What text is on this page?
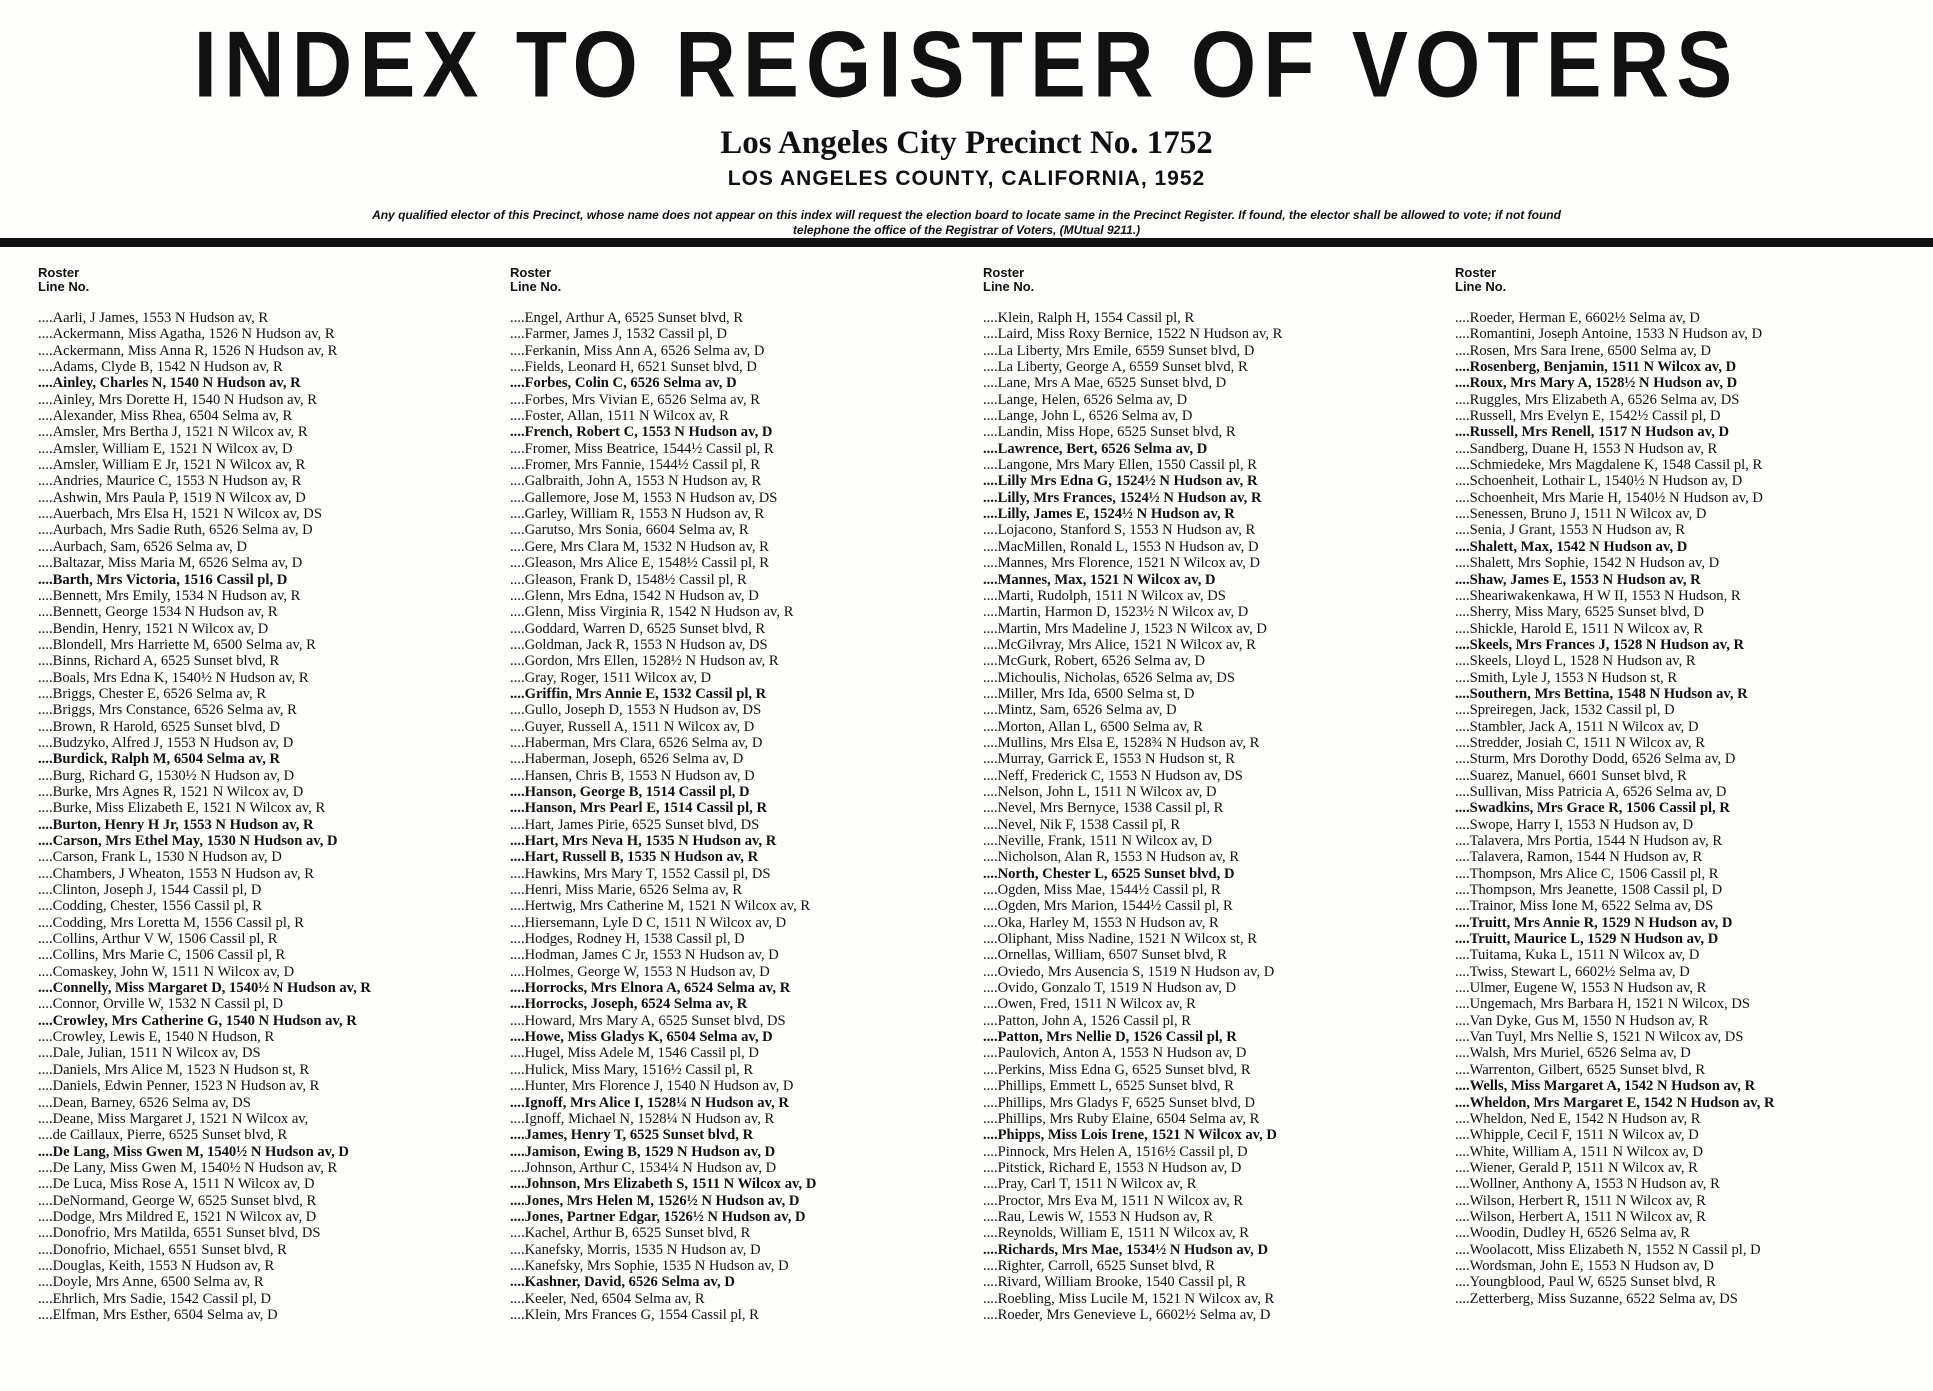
INDEX TO REGISTER OF VOTERS
Los Angeles City Precinct No. 1752
LOS ANGELES COUNTY, CALIFORNIA, 1952
Any qualified elector of this Precinct, whose name does not appear on this index will request the election board to locate same in the Precinct Register. If found, the elector shall be allowed to vote; if not found telephone the office of the Registrar of Voters, (MUtual 9211.)
Roster
Line No.
.... Aarli, J James, 1553 N Hudson av, R
.... Ackermann, Miss Agatha, 1526 N Hudson av, R
.... Ackermann, Miss Anna R, 1526 N Hudson av, R
.... Adams, Clyde B, 1542 N Hudson av, R
.... Ainley, Charles N, 1540 N Hudson av, R
.... Ainley, Mrs Dorette H, 1540 N Hudson av, R
.... Alexander, Miss Rhea, 6504 Selma av, R
.... Amsler, Mrs Bertha J, 1521 N Wilcox av, R
.... Amsler, William E, 1521 N Wilcox av, D
.... Amsler, William E Jr, 1521 N Wilcox av, R
.... Andries, Maurice C, 1553 N Hudson av, R
.... Ashwin, Mrs Paula P, 1519 N Wilcox av, D
.... Auerbach, Mrs Elsa H, 1521 N Wilcox av, DS
.... Aurbach, Mrs Sadie Ruth, 6526 Selma av, D
.... Aurbach, Sam, 6526 Selma av, D
.... Baltazar, Miss Maria M, 6526 Selma av, D
.... Barth, Mrs Victoria, 1516 Cassil pl, D
.... Bennett, Mrs Emily, 1534 N Hudson av, R
.... Bennett, George 1534 N Hudson av, R
.... Bendin, Henry, 1521 N Wilcox av, D
.... Blondell, Mrs Harriette M, 6500 Selma av, R
.... Binns, Richard A, 6525 Sunset blvd, R
.... Boals, Mrs Edna K, 1540½ N Hudson av, R
.... Briggs, Chester E, 6526 Selma av, R
.... Briggs, Mrs Constance, 6526 Selma av, R
.... Brown, R Harold, 6525 Sunset blvd, D
.... Budzyko, Alfred J, 1553 N Hudson av, D
.... Burdick, Ralph M, 6504 Selma av, R
.... Burg, Richard G, 1530½ N Hudson av, D
.... Burke, Mrs Agnes R, 1521 N Wilcox av, D
.... Burke, Miss Elizabeth E, 1521 N Wilcox av, R
.... Burton, Henry H Jr, 1553 N Hudson av, R
.... Carson, Mrs Ethel May, 1530 N Hudson av, D
.... Carson, Frank L, 1530 N Hudson av, D
.... Chambers, J Wheaton, 1553 N Hudson av, R
.... Clinton, Joseph J, 1544 Cassil pl, D
.... Codding, Chester, 1556 Cassil pl, R
.... Codding, Mrs Loretta M, 1556 Cassil pl, R
.... Collins, Arthur V W, 1506 Cassil pl, R
.... Collins, Mrs Marie C, 1506 Cassil pl, R
.... Comaskey, John W, 1511 N Wilcox av, D
.... Connelly, Miss Margaret D, 1540½ N Hudson av, R
.... Connor, Orville W, 1532 N Cassil pl, D
.... Crowley, Mrs Catherine G, 1540 N Hudson av, R
.... Crowley, Lewis E, 1540 N Hudson, R
.... Dale, Julian, 1511 N Wilcox av, DS
.... Daniels, Mrs Alice M, 1523 N Hudson st, R
.... Daniels, Edwin Penner, 1523 N Hudson av, R
.... Dean, Barney, 6526 Selma av, DS
.... Deane, Miss Margaret J, 1521 N Wilcox av,
.... de Caillaux, Pierre, 6525 Sunset blvd, R
.... De Lang, Miss Gwen M, 1540½ N Hudson av, D
.... De Lany, Miss Gwen M, 1540½ N Hudson av, R
.... De Luca, Miss Rose A, 1511 N Wilcox av, D
.... DeNormand, George W, 6525 Sunset blvd, R
.... Dodge, Mrs Mildred E, 1521 N Wilcox av, D
.... Donofrio, Mrs Matilda, 6551 Sunset blvd, DS
.... Donofrio, Michael, 6551 Sunset blvd, R
.... Douglas, Keith, 1553 N Hudson av, R
.... Doyle, Mrs Anne, 6500 Selma av, R
.... Ehrlich, Mrs Sadie, 1542 Cassil pl, D
.... Elfman, Mrs Esther, 6504 Selma av, D
Roster
Line No.
.... Engel, Arthur A, 6525 Sunset blvd, R
.... Farmer, James J, 1532 Cassil pl, D
.... Ferkanin, Miss Ann A, 6526 Selma av, D
.... Fields, Leonard H, 6521 Sunset blvd, D
.... Forbes, Colin C, 6526 Selma av, D
.... Forbes, Mrs Vivian E, 6526 Selma av, R
.... Foster, Allan, 1511 N Wilcox av, R
.... French, Robert C, 1553 N Hudson av, D
.... Fromer, Miss Beatrice, 1544½ Cassil pl, R
.... Fromer, Mrs Fannie, 1544½ Cassil pl, R
.... Galbraith, John A, 1553 N Hudson av, R
.... Gallemore, Jose M, 1553 N Hudson av, DS
.... Garley, William R, 1553 N Hudson av, R
.... Garutso, Mrs Sonia, 6604 Selma av, R
.... Gere, Mrs Clara M, 1532 N Hudson av, R
.... Gleason, Mrs Alice E, 1548½ Cassil pl, R
.... Gleason, Frank D, 1548½ Cassil pl, R
.... Glenn, Mrs Edna, 1542 N Hudson av, D
.... Glenn, Miss Virginia R, 1542 N Hudson av, R
.... Goddard, Warren D, 6525 Sunset blvd, R
.... Goldman, Jack R, 1553 N Hudson av, DS
.... Gordon, Mrs Ellen, 1528½ N Hudson av, R
.... Gray, Roger, 1511 Wilcox av, D
.... Griffin, Mrs Annie E, 1532 Cassil pl, R
.... Gullo, Joseph D, 1553 N Hudson av, DS
.... Guyer, Russell A, 1511 N Wilcox av, D
.... Haberman, Mrs Clara, 6526 Selma av, D
.... Haberman, Joseph, 6526 Selma av, D
.... Hansen, Chris B, 1553 N Hudson av, D
.... Hanson, George B, 1514 Cassil pl, D
.... Hanson, Mrs Pearl E, 1514 Cassil pl, R
.... Hart, James Pirie, 6525 Sunset blvd, DS
.... Hart, Mrs Neva H, 1535 N Hudson av, R
.... Hart, Russell B, 1535 N Hudson av, R
.... Hawkins, Mrs Mary T, 1552 Cassil pl, DS
.... Henri, Miss Marie, 6526 Selma av, R
.... Hertwig, Mrs Catherine M, 1521 N Wilcox av, R
.... Hiersemann, Lyle D C, 1511 N Wilcox av, D
.... Hodges, Rodney H, 1538 Cassil pl, D
.... Hodman, James C Jr, 1553 N Hudson av, D
.... Holmes, George W, 1553 N Hudson av, D
.... Horrocks, Mrs Elnora A, 6524 Selma av, R
.... Horrocks, Joseph, 6524 Selma av, R
.... Howard, Mrs Mary A, 6525 Sunset blvd, DS
.... Howe, Miss Gladys K, 6504 Selma av, D
.... Hugel, Miss Adele M, 1546 Cassil pl, D
.... Hulick, Miss Mary, 1516½ Cassil pl, R
.... Hunter, Mrs Florence J, 1540 N Hudson av, D
.... Ignoff, Mrs Alice I, 1528¼ N Hudson av, R
.... Ignoff, Michael N, 1528¼ N Hudson av, R
.... James, Henry T, 6525 Sunset blvd, R
.... Jamison, Ewing B, 1529 N Hudson av, D
.... Johnson, Arthur C, 1534¼ N Hudson av, D
.... Johnson, Mrs Elizabeth S, 1511 N Wilcox av, D
.... Jones, Mrs Helen M, 1526½ N Hudson av, D
.... Jones, Partner Edgar, 1526½ N Hudson av, D
.... Kachel, Arthur B, 6525 Sunset blvd, R
.... Kanefsky, Morris, 1535 N Hudson av, D
.... Kanefsky, Mrs Sophie, 1535 N Hudson av, D
.... Kashner, David, 6526 Selma av, D
.... Keeler, Ned, 6504 Selma av, R
.... Klein, Mrs Frances G, 1554 Cassil pl, R
Roster
Line No.
.... Klein, Ralph H, 1554 Cassil pl, R
.... Laird, Miss Roxy Bernice, 1522 N Hudson av, R
.... La Liberty, Mrs Emile, 6559 Sunset blvd, D
.... La Liberty, George A, 6559 Sunset blvd, R
.... Lane, Mrs A Mae, 6525 Sunset blvd, D
.... Lange, Helen, 6526 Selma av, D
.... Lange, John L, 6526 Selma av, D
.... Landin, Miss Hope, 6525 Sunset blvd, R
.... Lawrence, Bert, 6526 Selma av, D
.... Langone, Mrs Mary Ellen, 1550 Cassil pl, R
.... Lilly Mrs Edna G, 1524½ N Hudson av, R
.... Lilly, Mrs Frances, 1524½ N Hudson av, R
.... Lilly, James E, 1524½ N Hudson av, R
.... Lojacono, Stanford S, 1553 N Hudson av, R
.... MacMillen, Ronald L, 1553 N Hudson av, D
.... Mannes, Mrs Florence, 1521 N Wilcox av, D
.... Mannes, Max, 1521 N Wilcox av, D
.... Marti, Rudolph, 1511 N Wilcox av, DS
.... Martin, Harmon D, 1523½ N Wilcox av, D
.... Martin, Mrs Madeline J, 1523 N Wilcox av, D
.... McGilvray, Mrs Alice, 1521 N Wilcox av, R
.... McGurk, Robert, 6526 Selma av, D
.... Michoulis, Nicholas, 6526 Selma av, DS
.... Miller, Mrs Ida, 6500 Selma st, D
.... Mintz, Sam, 6526 Selma av, D
.... Morton, Allan L, 6500 Selma av, R
.... Mullins, Mrs Elsa E, 1528¾ N Hudson av, R
.... Murray, Garrick E, 1553 N Hudson st, R
.... Neff, Frederick C, 1553 N Hudson av, DS
.... Nelson, John L, 1511 N Wilcox av, D
.... Nevel, Mrs Bernyce, 1538 Cassil pl, R
.... Nevel, Nik F, 1538 Cassil pl, R
.... Neville, Frank, 1511 N Wilcox av, D
.... Nicholson, Alan R, 1553 N Hudson av, R
.... North, Chester L, 6525 Sunset blvd, D
.... Ogden, Miss Mae, 1544½ Cassil pl, R
.... Ogden, Mrs Marion, 1544½ Cassil pl, R
.... Oka, Harley M, 1553 N Hudson av, R
.... Oliphant, Miss Nadine, 1521 N Wilcox st, R
.... Ornellas, William, 6507 Sunset blvd, R
.... Oviedo, Mrs Ausencia S, 1519 N Hudson av, D
.... Ovido, Gonzalo T, 1519 N Hudson av, D
.... Owen, Fred, 1511 N Wilcox av, R
.... Patton, John A, 1526 Cassil pl, R
.... Patton, Mrs Nellie D, 1526 Cassil pl, R
.... Paulovich, Anton A, 1553 N Hudson av, D
.... Perkins, Miss Edna G, 6525 Sunset blvd, R
.... Phillips, Emmett L, 6525 Sunset blvd, R
.... Phillips, Mrs Gladys F, 6525 Sunset blvd, D
.... Phillips, Mrs Ruby Elaine, 6504 Selma av, R
.... Phipps, Miss Lois Irene, 1521 N Wilcox av, D
.... Pinnock, Mrs Helen A, 1516½ Cassil pl, D
.... Pitstick, Richard E, 1553 N Hudson av, D
.... Pray, Carl T, 1511 N Wilcox av, R
.... Proctor, Mrs Eva M, 1511 N Wilcox av, R
.... Rau, Lewis W, 1553 N Hudson av, R
.... Reynolds, William E, 1511 N Wilcox av, R
.... Richards, Mrs Mae, 1534½ N Hudson av, D
.... Righter, Carroll, 6525 Sunset blvd, R
.... Rivard, William Brooke, 1540 Cassil pl, R
.... Roebling, Miss Lucile M, 1521 N Wilcox av, R
.... Roeder, Mrs Genevieve L, 6602½ Selma av, D
Roster
Line No.
.... Roeder, Herman E, 6602½ Selma av, D
.... Romantini, Joseph Antoine, 1533 N Hudson av, D
.... Rosen, Mrs Sara Irene, 6500 Selma av, D
.... Rosenberg, Benjamin, 1511 N Wilcox av, D
.... Roux, Mrs Mary A, 1528½ N Hudson av, D
.... Ruggles, Mrs Elizabeth A, 6526 Selma av, DS
.... Russell, Mrs Evelyn E, 1542½ Cassil pl, D
.... Russell, Mrs Renell, 1517 N Hudson av, D
.... Sandberg, Duane H, 1553 N Hudson av, R
.... Schmiedeke, Mrs Magdalene K, 1548 Cassil pl, R
.... Schoenheit, Lothair L, 1540½ N Hudson av, D
.... Schoenheit, Mrs Marie H, 1540½ N Hudson av, D
.... Senessen, Bruno J, 1511 N Wilcox av, D
.... Senia, J Grant, 1553 N Hudson av, R
.... Shalett, Max, 1542 N Hudson av, D
.... Shalett, Mrs Sophie, 1542 N Hudson av, D
.... Shaw, James E, 1553 N Hudson av, R
.... Sheariwakenkawa, H W II, 1553 N Hudson, R
.... Sherry, Miss Mary, 6525 Sunset blvd, D
.... Shickle, Harold E, 1511 N Wilcox av, R
.... Skeels, Mrs Frances J, 1528 N Hudson av, R
.... Skeels, Lloyd L, 1528 N Hudson av, R
.... Smith, Lyle J, 1553 N Hudson st, R
.... Southern, Mrs Bettina, 1548 N Hudson av, R
.... Spreiregen, Jack, 1532 Cassil pl, D
.... Stambler, Jack A, 1511 N Wilcox av, D
.... Stredder, Josiah C, 1511 N Wilcox av, R
.... Sturm, Mrs Dorothy Dodd, 6526 Selma av, D
.... Suarez, Manuel, 6601 Sunset blvd, R
.... Sullivan, Miss Patricia A, 6526 Selma av, D
.... Swadkins, Mrs Grace R, 1506 Cassil pl, R
.... Swope, Harry I, 1553 N Hudson av, D
.... Talavera, Mrs Portia, 1544 N Hudson av, R
.... Talavera, Ramon, 1544 N Hudson av, R
.... Thompson, Mrs Alice C, 1506 Cassil pl, R
.... Thompson, Mrs Jeanette, 1508 Cassil pl, D
.... Trainor, Miss Ione M, 6522 Selma av, DS
.... Truitt, Mrs Annie R, 1529 N Hudson av, D
.... Truitt, Maurice L, 1529 N Hudson av, D
.... Tuitama, Kuka L, 1511 N Wilcox av, D
.... Twiss, Stewart L, 6602½ Selma av, D
.... Ulmer, Eugene W, 1553 N Hudson av, R
.... Ungemach, Mrs Barbara H, 1521 N Wilcox, DS
.... Van Dyke, Gus M, 1550 N Hudson av, R
.... Van Tuyl, Mrs Nellie S, 1521 N Wilcox av, DS
.... Walsh, Mrs Muriel, 6526 Selma av, D
.... Warrenton, Gilbert, 6525 Sunset blvd, R
.... Wells, Miss Margaret A, 1542 N Hudson av, R
.... Wheldon, Mrs Margaret E, 1542 N Hudson av, R
.... Wheldon, Ned E, 1542 N Hudson av, R
.... Whipple, Cecil F, 1511 N Wilcox av, D
.... White, William A, 1511 N Wilcox av, D
.... Wiener, Gerald P, 1511 N Wilcox av, R
.... Wollner, Anthony A, 1553 N Hudson av, R
.... Wilson, Herbert R, 1511 N Wilcox av, R
.... Wilson, Herbert A, 1511 N Wilcox av, R
.... Woodin, Dudley H, 6526 Selma av, R
.... Woolacott, Miss Elizabeth N, 1552 N Cassil pl, D
.... Wordsman, John E, 1553 N Hudson av, D
.... Youngblood, Paul W, 6525 Sunset blvd, R
.... Zetterberg, Miss Suzanne, 6522 Selma av, DS
